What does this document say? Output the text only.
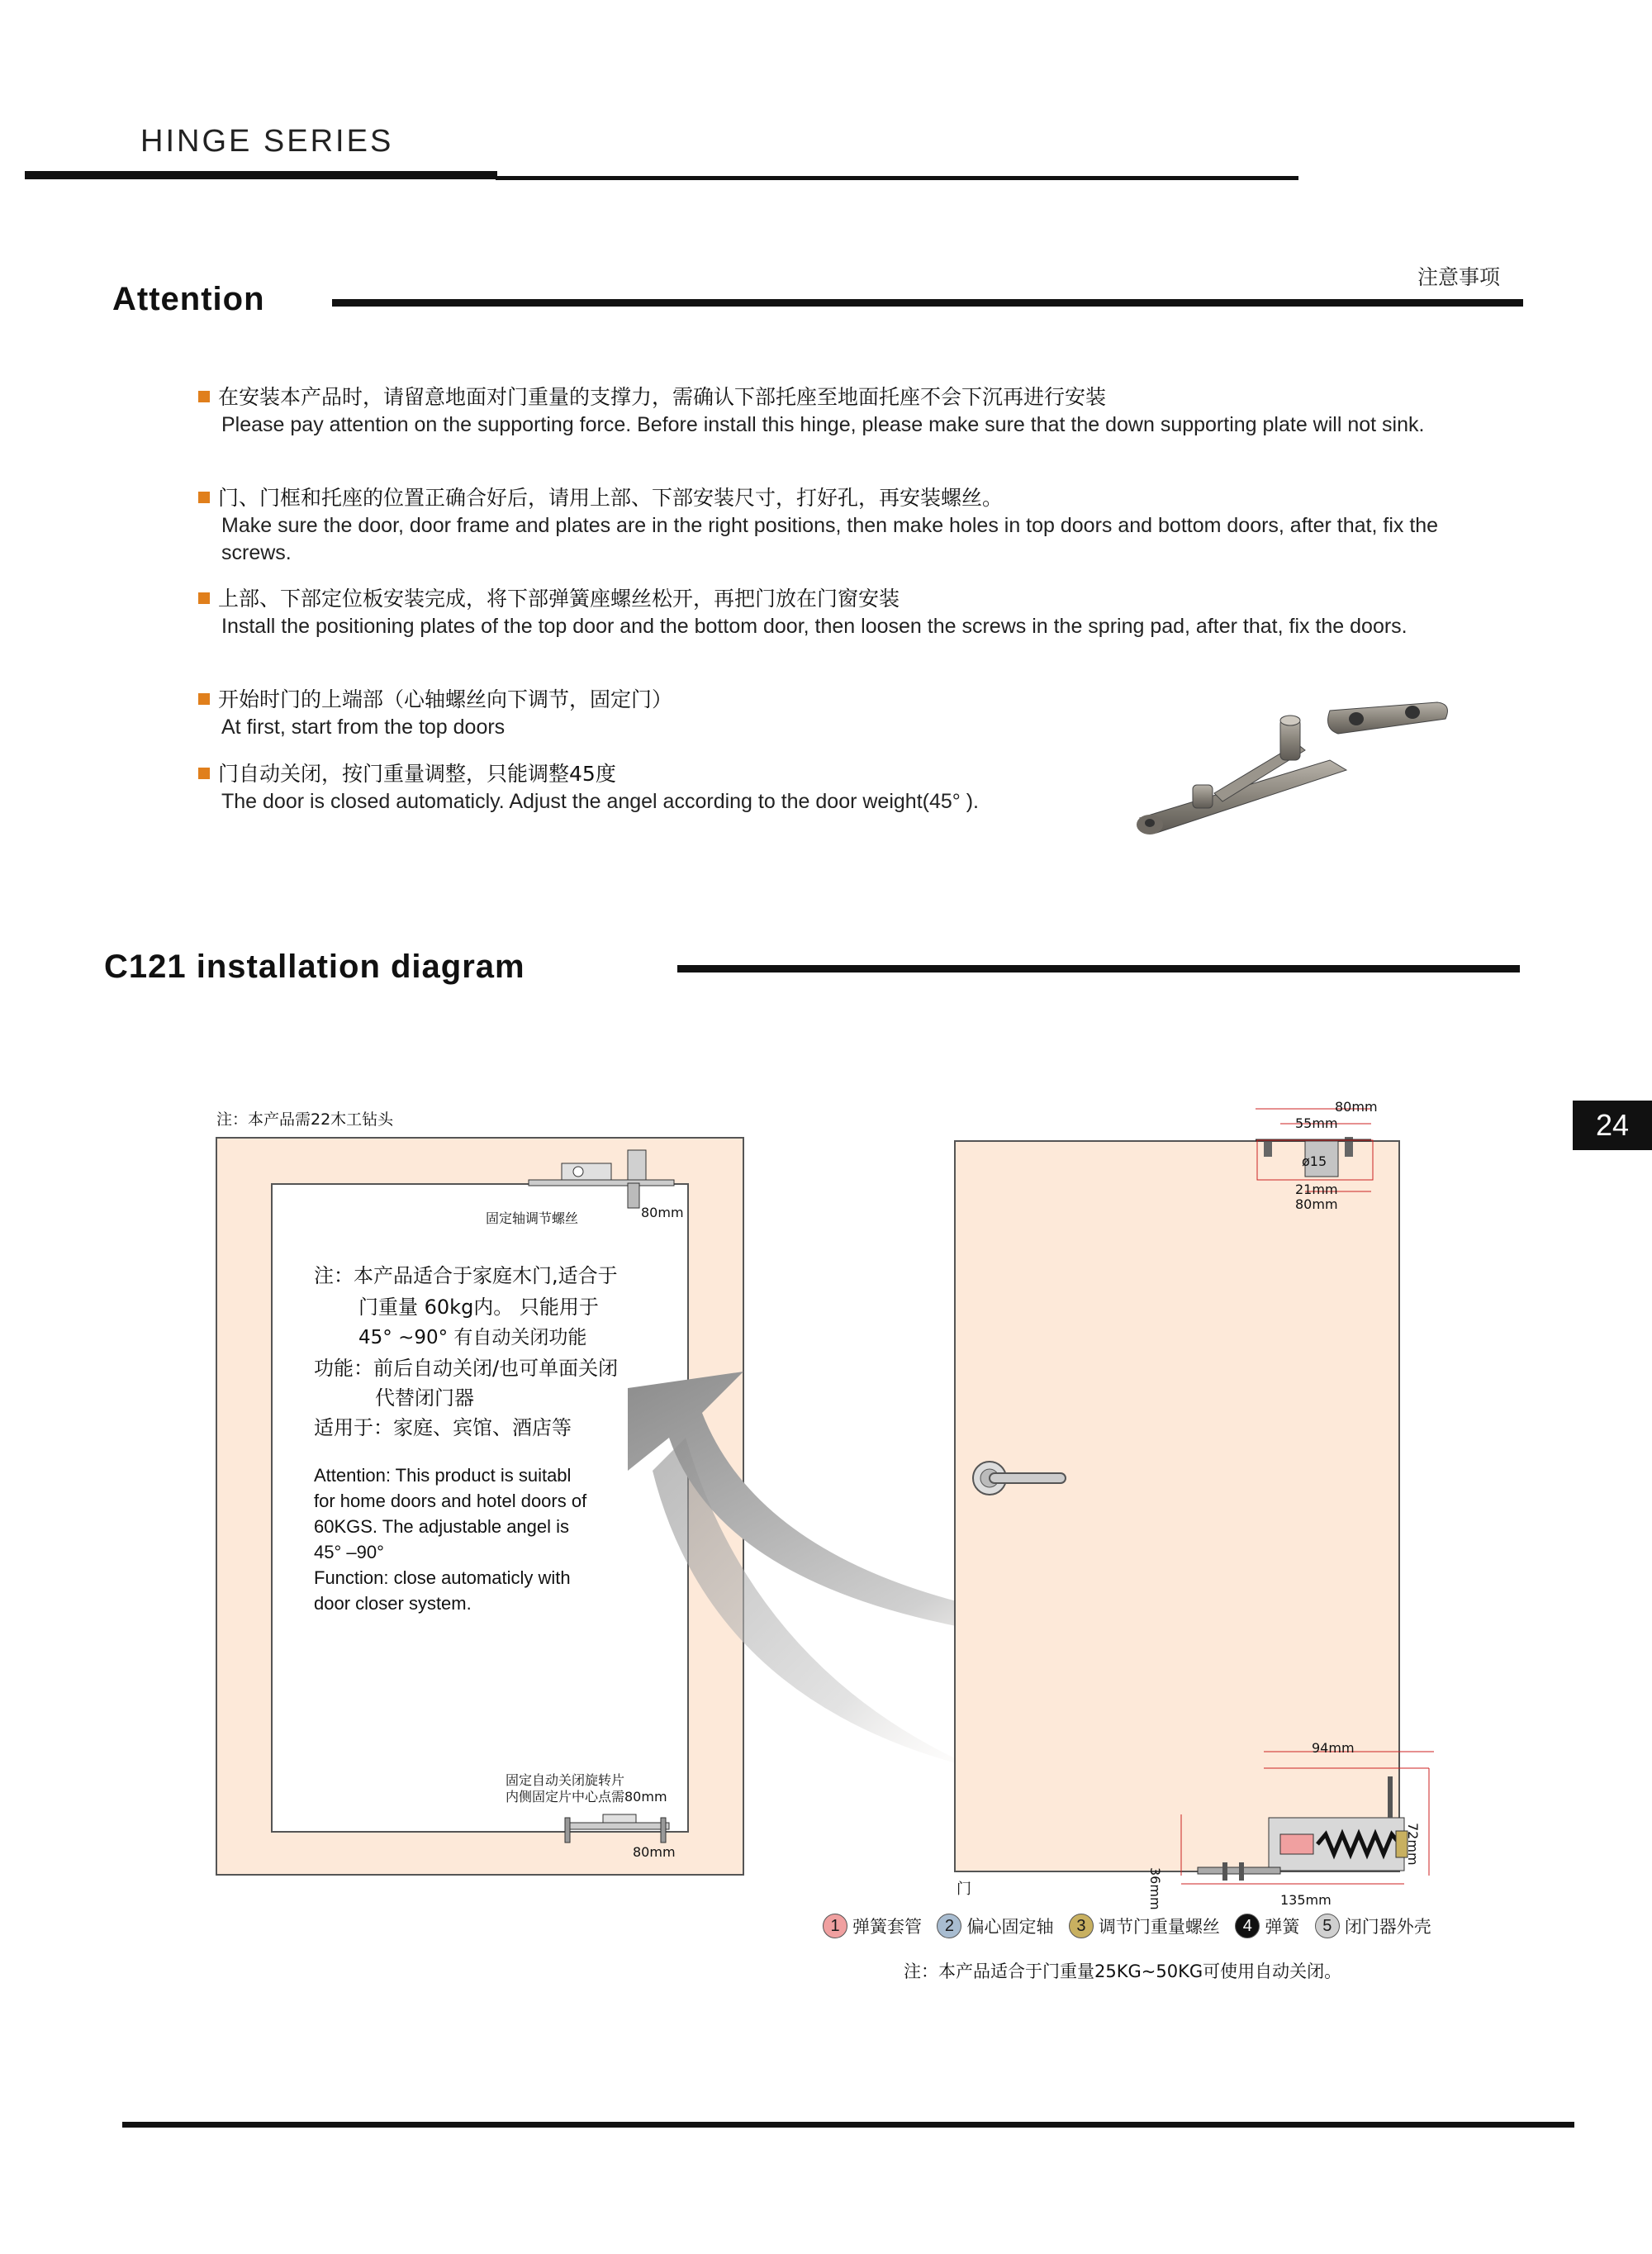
HINGE SERIES
Attention
注意事项
在安装本产品时，请留意地面对门重量的支撑力，需确认下部托座至地面托座不会下沉再进行安装
Please pay attention on the supporting force. Before install this hinge, please make sure that the down supporting plate will not sink.
门、门框和托座的位置正确合好后，请用上部、下部安装尺寸，打好孔，再安装螺丝。
Make sure the door, door frame and plates are in the right positions, then make holes in top doors and bottom doors, after that, fix the screws.
上部、下部定位板安装完成，将下部弹簧座螺丝松开，再把门放在门窗安装
Install the positioning plates of the top door and the bottom door, then loosen the screws in the spring pad, after that, fix the doors.
开始时门的上端部（心轴螺丝向下调节，固定门）
At first, start from the top doors
门自动关闭，按门重量调整，只能调整45度
The door is closed automaticly. Adjust the angel according to the door weight(45° ).
C121 installation diagram
24
注：本产品需22木工钻头
固定轴调节螺丝	80mm
注：本产品适合于家庭木门,适合于
门重量 60kg内。 只能用于
45° ~90° 有自动关闭功能
功能：前后自动关闭/也可单面关闭
代替闭门器
适用于：家庭、宾馆、酒店等
Attention: This product is suitabl
for home doors and hotel doors of
60KGS. The adjustable angel is
45° –90°
Function: close automaticly with
door closer system.
固定自动关闭旋转片
内侧固定片中心点需80mm
80mm
门
80mm
55mm
ø15
21mm
80mm
94mm
72mm
36mm	135mm
1 弹簧套管 2 偏心固定轴 3 调节门重量螺丝 4 弹簧 5 闭门器外壳
注：本产品适合于门重量25KG~50KG可使用自动关闭。
